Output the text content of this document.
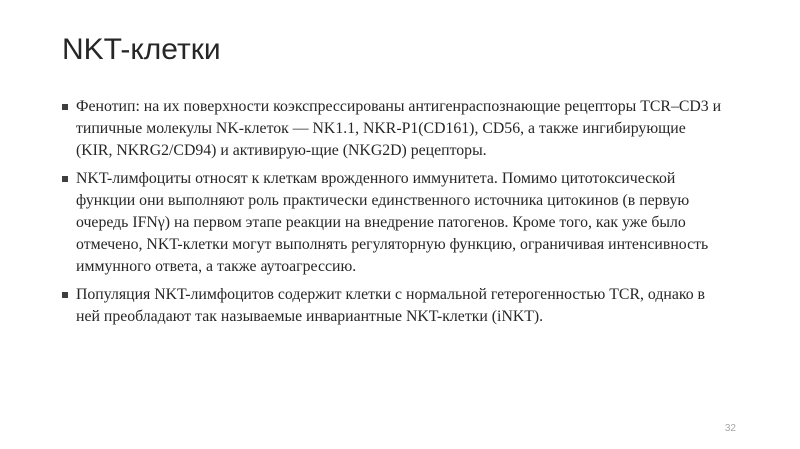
NKT-клетки
Фенотип: на их поверхности коэкспрессированы антигенраспознающие рецепторы TCR–CD3 и типичные молекулы NK-клеток — NK1.1, NKR-P1(CD161), CD56, а также ингибирующие (KIR, NKRG2/CD94) и активирую-щие (NKG2D) рецепторы.
NKT-лимфоциты относят к клеткам врожденного иммунитета. Помимо цитотоксической функции они выполняют роль практически единственного источника цитокинов (в первую очередь IFNγ) на первом этапе реакции на внедрение патогенов. Кроме того, как уже было отмечено, NKT-клетки могут выполнять регуляторную функцию, ограничивая интенсивность иммунного ответа, а также аутоагрессию.
Популяция NKT-лимфоцитов содержит клетки с нормальной гетерогенностью TCR, однако в ней преобладают так называемые инвариантные NKT-клетки (iNKT).
32
